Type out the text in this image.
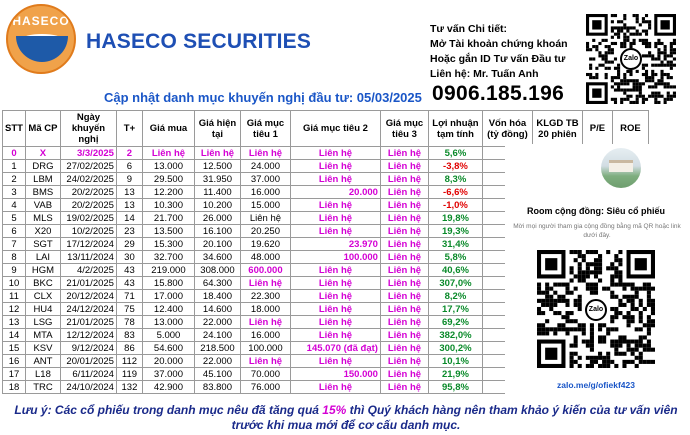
HASECO
HASECO SECURITIES
Cập nhật danh mục khuyến nghị đầu tư: 05/03/2025
Tư vấn Chi tiết:
Mở Tài khoản chứng khoán
Hoặc gắn ID Tư vấn Đầu tư
Liên hệ: Mr. Tuấn Anh
0906.185.196
Zalo
STT	Mã CP	Ngày khuyến nghị	T+	Giá mua	Giá hiện tại	Giá mục tiêu 1	Giá mục tiêu 2	Giá mục tiêu 3	Lợi nhuận tạm tính	Vốn hóa (tỷ đồng)	KLGD TB 20 phiên	P/E	ROE
0	X	3/3/2025	2	Liên hệ	Liên hệ	Liên hệ	Liên hệ	Liên hệ	5,6%				
1	DRG	27/02/2025	6	13.000	12.500	24.000	Liên hệ	Liên hệ	-3,8%				
2	LBM	24/02/2025	9	29.500	31.950	37.000	Liên hệ	Liên hệ	8,3%				
3	BMS	20/2/2025	13	12.200	11.400	16.000	20.000	Liên hệ	-6,6%				
4	VAB	20/2/2025	13	10.300	10.200	15.000	Liên hệ	Liên hệ	-1,0%				
5	MLS	19/02/2025	14	21.700	26.000	Liên hệ	Liên hệ	Liên hệ	19,8%				
6	X20	10/2/2025	23	13.500	16.100	20.250	Liên hệ	Liên hệ	19,3%				
7	SGT	17/12/2024	29	15.300	20.100	19.620	23.970	Liên hệ	31,4%				
8	LAI	13/11/2024	30	32.700	34.600	48.000	100.000	Liên hệ	5,8%				
9	HGM	4/2/2025	43	219.000	308.000	600.000	Liên hệ	Liên hệ	40,6%				
10	BKC	21/01/2025	43	15.800	64.300	Liên hệ	Liên hệ	Liên hệ	307,0%				
11	CLX	20/12/2024	71	17.000	18.400	22.300	Liên hệ	Liên hệ	8,2%				
12	HU4	24/12/2024	75	12.400	14.600	18.000	Liên hệ	Liên hệ	17,7%				
13	LSG	21/01/2025	78	13.000	22.000	Liên hệ	Liên hệ	Liên hệ	69,2%				
14	MTA	12/12/2024	83	5.000	24.100	16.000	Liên hệ	Liên hệ	382,0%				
15	KSV	9/12/2024	86	54.600	218.500	100.000	145.070 (đã đạt)	Liên hệ	300,2%				
16	ANT	20/01/2025	112	20.000	22.000	Liên hệ	Liên hệ	Liên hệ	10,1%				
17	L18	6/11/2024	119	37.000	45.100	70.000	150.000	Liên hệ	21,9%				
18	TRC	24/10/2024	132	42.900	83.800	76.000	Liên hệ	Liên hệ	95,8%				
Room cộng đồng: Siêu cổ phiếu
Mời mọi người tham gia cộng đồng bằng mã QR hoặc link dưới đây.
Zalo
zalo.me/g/ofiekf423
Lưu ý: Các cổ phiếu trong danh mục nêu đã tăng quá 15% thì Quý khách hàng nên tham khảo ý kiến của tư vấn viên trước khi mua mới để cơ cấu danh mục.
